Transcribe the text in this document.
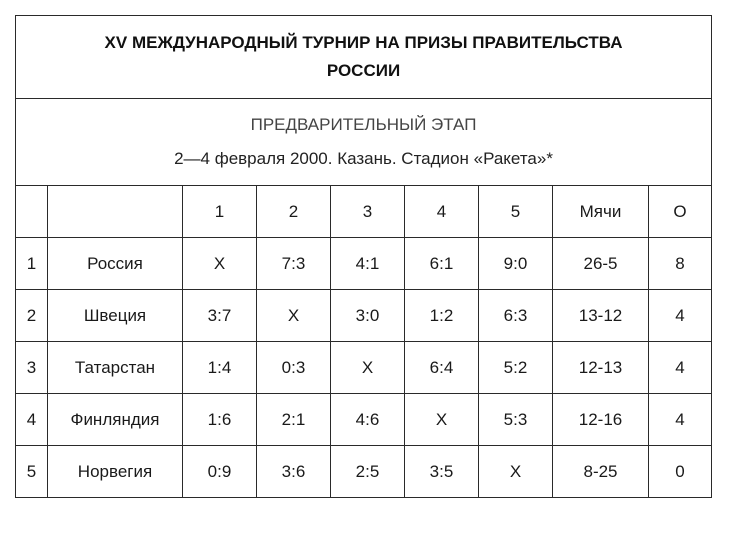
XV МЕЖДУНАРОДНЫЙ ТУРНИР НА ПРИЗЫ ПРАВИТЕЛЬСТВА
РОССИИ								

ПРЕДВАРИТЕЛЬНЫЙ ЭТАП
2—4 февраля 2000. Казань. Стадион «Ракета»*								

		1	2	3	4	5	Мячи	О
1	Россия	X	7:3	4:1	6:1	9:0	26-5	8
2	Швеция	3:7	X	3:0	1:2	6:3	13-12	4
3	Татарстан	1:4	0:3	X	6:4	5:2	12-13	4
4	Финляндия	1:6	2:1	4:6	X	5:3	12-16	4
5	Норвегия	0:9	3:6	2:5	3:5	X	8-25	0
